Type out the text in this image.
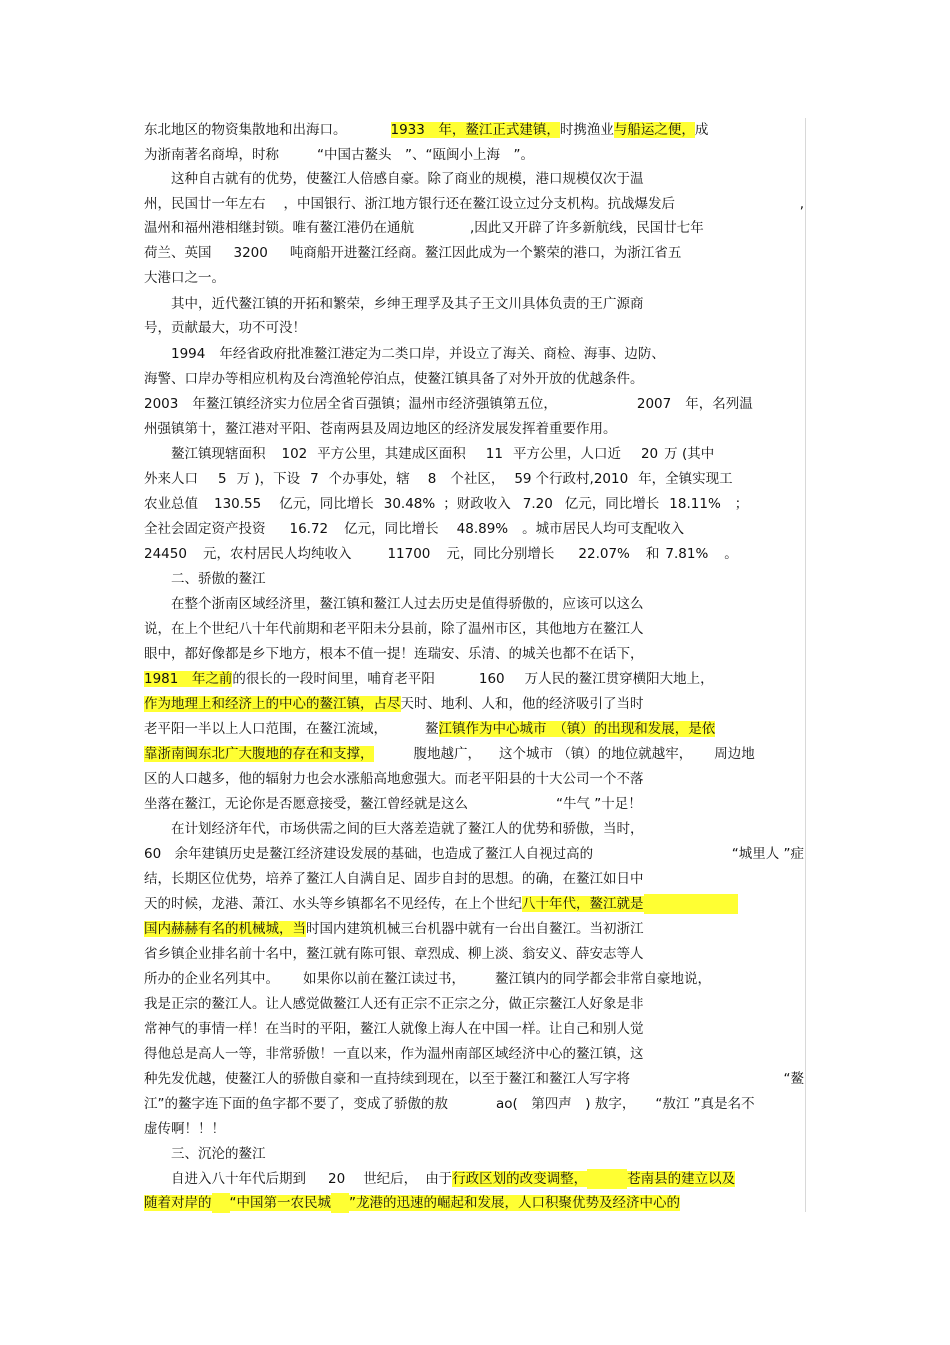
东北地区的物资集散地和出海口。	1933　年，鳌江正式建镇，时携渔业与船运之便，成
为浙南著名商埠，时称	“中国古鳌头　”、“瓯闽小上海　”。
　　这种自古就有的优势，使鳌江人倍感自豪。除了商业的规模，港口规模仅次于温
州，民国廿一年左右 ，中国银行、浙江地方银行还在鳌江设立过分支机构。抗战爆发后	,
温州和福州港相继封锁。唯有鳌江港仍在通航	,因此又开辟了许多新航线，民国廿七年
荷兰、英国 3200 吨商船开进鳌江经商。鳌江因此成为一个繁荣的港口，为浙江省五
大港口之一。
　　其中，近代鳌江镇的开拓和繁荣，乡绅王理孚及其子王文川具体负责的王广源商
号，贡献最大，功不可没！
　　1994 年经省政府批准鳌江港定为二类口岸，并设立了海关、商检、海事、边防、
海警、口岸办等相应机构及台湾渔轮停泊点，使鳌江镇具备了对外开放的优越条件。
2003 年鳌江镇经济实力位居全省百强镇；温州市经济强镇第五位，	2007 年，名列温
州强镇第十，鳌江港对平阳、苍南两县及周边地区的经济发展发挥着重要作用。
　　鳌江镇现辖面积 102 平方公里，其建成区面积 11 平方公里，人口近 20 万 (其中
外来人口 5 万 )，下设 7 个办事处，辖 8 个社区， 59 个行政村,2010 年，全镇实现工
农业总值 130.55 亿元，同比增长 30.48% ；财政收入 7.20 亿元，同比增长 18.11% ；
全社会固定资产投资 16.72 亿元，同比增长 48.89% 。城市居民人均可支配收入
24450 元，农村居民人均纯收入	11700 元，同比分别增长 22.07% 和 7.81% 。
　　二、骄傲的鳌江
　　在整个浙南区域经济里，鳌江镇和鳌江人过去历史是值得骄傲的，应该可以这么
说，在上个世纪八十年代前期和老平阳未分县前，除了温州市区，其他地方在鳌江人
眼中，都好像都是乡下地方，根本不值一提！连瑞安、乐清、的城关也都不在话下，
1981　年之前的很长的一段时间里，哺育老平阳	160 万人民的鳌江贯穿横阳大地上，
作为地理上和经济上的中心的鳌江镇，占尽天时、地利、人和，他的经济吸引了当时
老平阳一半以上人口范围，在鳌江流域，	鳌江镇作为中心城市　（镇）的出现和发展，是依
靠浙南闽东北广大腹地的存在和支撑，	腹地越广， 这个城市 （镇）的地位就越牢， 周边地
区的人口越多，他的辐射力也会水涨船高地愈强大。而老平阳县的十大公司一个不落
坐落在鳌江，无论你是否愿意接受，鳌江曾经就是这么	“牛气 ”十足！
　　在计划经济年代，市场供需之间的巨大落差造就了鳌江人的优势和骄傲，当时，
60　余年建镇历史是鳌江经济建设发展的基础，也造成了鳌江人自视过高的	“城里人 ”症
结，长期区位优势，培养了鳌江人自满自足、固步自封的思想。的确，在鳌江如日中
天的时候，龙港、萧江、水头等乡镇都名不见经传，在上个世纪八十年代，鳌江就是
国内赫赫有名的机械城，当时国内建筑机械三台机器中就有一台出自鳌江。当初浙江
省乡镇企业排名前十名中，鳌江就有陈可银、章烈成、柳上淡、翁安义、薛安志等人
所办的企业名列其中。 如果你以前在鳌江读过书， 鳌江镇内的同学都会非常自豪地说，
我是正宗的鳌江人。让人感觉做鳌江人还有正宗不正宗之分，做正宗鳌江人好象是非
常神气的事情一样！在当时的平阳，鳌江人就像上海人在中国一样。让自己和别人觉
得他总是高人一等，非常骄傲！一直以来，作为温州南部区域经济中心的鳌江镇，这
种先发优越，使鳌江人的骄傲自豪和一直持续到现在，以至于鳌江和鳌江人写字将	“鳌
江”的鳌字连下面的鱼字都不要了，变成了骄傲的敖	ao(　第四声　) 敖字， “敖江 ”真是名不
虚传啊！！！
　　三、沉沦的鳌江
　　自进入八十年代后期到 20 世纪后， 由于行政区划的改变调整，	苍南县的建立以及
随着对岸的 “中国第一农民城 ”龙港的迅速的崛起和发展，人口积聚优势及经济中心的
